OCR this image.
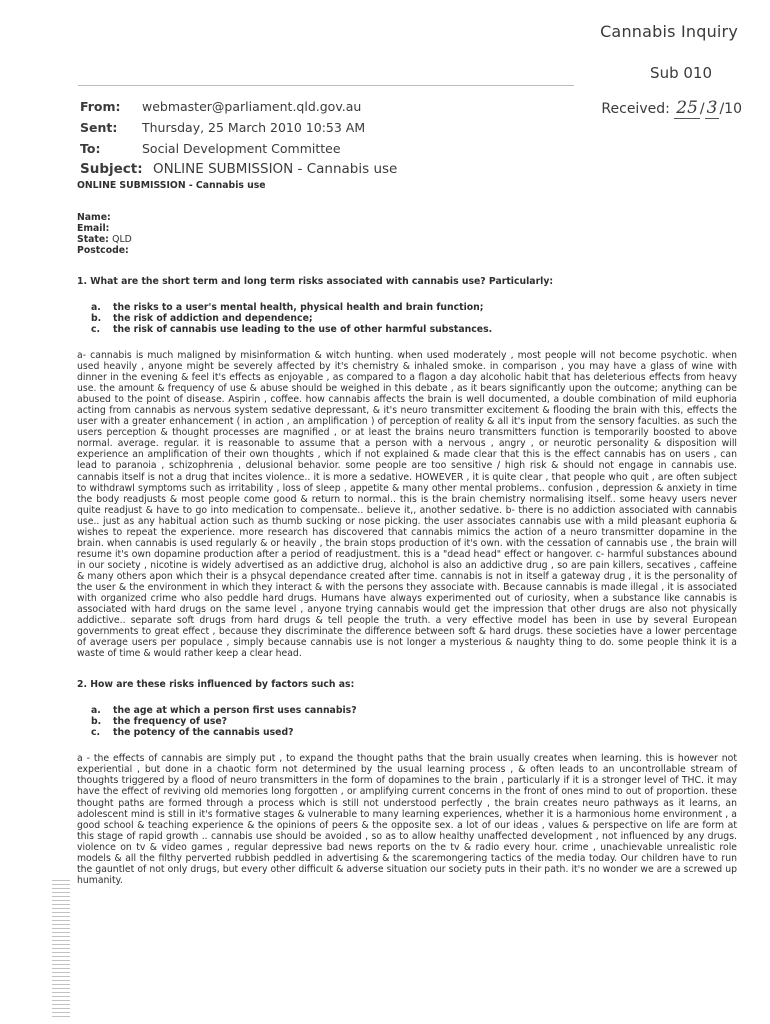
Cannabis Inquiry
Sub 010
Received: 25 / 3 /10
From: webmaster@parliament.qld.gov.au
Sent: Thursday, 25 March 2010 10:53 AM
To:	Social Development Committee
Subject: ONLINE SUBMISSION - Cannabis use
ONLINE SUBMISSION - Cannabis use
Name:
Email:
State: QLD
Postcode:
1. What are the short term and long term risks associated with cannabis use? Particularly:
a. the risks to a user's mental health, physical health and brain function;
b. the risk of addiction and dependence;
c. the risk of cannabis use leading to the use of other harmful substances.
a- cannabis is much maligned by misinformation & witch hunting. when used moderately , most people will not become psychotic. when used heavily , anyone might be severely affected by it's chemistry & inhaled smoke. in comparison , you may have a glass of wine with dinner in the evening & feel it's effects as enjoyable , as compared to a flagon a day alcoholic habit that has deleterious effects from heavy use. the amount & frequency of use & abuse should be weighed in this debate , as it bears significantly upon the outcome; anything can be abused to the point of disease. Aspirin , coffee. how cannabis affects the brain is well documented, a double combination of mild euphoria acting from cannabis as nervous system sedative depressant, & it's neuro transmitter excitement & flooding the brain with this, effects the user with a greater enhancement ( in action , an amplification ) of perception of reality & all it's input from the sensory faculties. as such the users perception & thought processes are magnified , or at least the brains neuro transmitters function is temporarily boosted to above normal. average. regular. it is reasonable to assume that a person with a nervous , angry , or neurotic personality & disposition will experience an amplification of their own thoughts , which if not explained & made clear that this is the effect cannabis has on users , can lead to paranoia , schizophrenia , delusional behavior. some people are too sensitive / high risk & should not engage in cannabis use. cannabis itself is not a drug that incites violence.. it is more a sedative. HOWEVER , it is quite clear , that people who quit , are often subject to withdrawl symptoms such as irritability , loss of sleep , appetite & many other mental problems.. confusion , depression & anxiety in time the body readjusts & most people come good & return to normal.. this is the brain chemistry normalising itself.. some heavy users never quite readjust & have to go into medication to compensate.. believe it,, another sedative. b- there is no addiction associated with cannabis use.. just as any habitual action such as thumb sucking or nose picking. the user associates cannabis use with a mild pleasant euphoria & wishes to repeat the experience. more research has discovered that cannabis mimics the action of a neuro transmitter dopamine in the brain. when cannabis is used regularly & or heavily , the brain stops production of it's own. with the cessation of cannabis use , the brain will resume it's own dopamine production after a period of readjustment. this is a "dead head" effect or hangover. c- harmful substances abound in our society , nicotine is widely advertised as an addictive drug, alchohol is also an addictive drug , so are pain killers, secatives , caffeine & many others apon which their is a phsycal dependance created after time. cannabis is not in itself a gateway drug , it is the personality of the user & the environment in which they interact & with the persons they associate with. Because cannabis is made illegal , it is associated with organized crime who also peddle hard drugs. Humans have always experimented out of curiosity, when a substance like cannabis is associated with hard drugs on the same level , anyone trying cannabis would get the impression that other drugs are also not physically addictive.. separate soft drugs from hard drugs & tell people the truth. a very effective model has been in use by several European governments to great effect , because they discriminate the difference between soft & hard drugs. these societies have a lower percentage of average users per populace , simply because cannabis use is not longer a mysterious & naughty thing to do. some people think it is a waste of time & would rather keep a clear head.
2. How are these risks influenced by factors such as:
a. the age at which a person first uses cannabis?
b. the frequency of use?
c. the potency of the cannabis used?
a - the effects of cannabis are simply put , to expand the thought paths that the brain usually creates when learning. this is however not experiential , but done in a chaotic form not determined by the usual learning process , & often leads to an uncontrollable stream of thoughts triggered by a flood of neuro transmitters in the form of dopamines to the brain , particularly if it is a stronger level of THC. it may have the effect of reviving old memories long forgotten , or amplifying current concerns in the front of ones mind to out of proportion. these thought paths are formed through a process which is still not understood perfectly , the brain creates neuro pathways as it learns, an adolescent mind is still in it's formative stages & vulnerable to many learning experiences, whether it is a harmonious home environment , a good school & teaching experience & the opinions of peers & the opposite sex. a lot of our ideas , values & perspective on life are form at this stage of rapid growth .. cannabis use should be avoided , so as to allow healthy unaffected development , not influenced by any drugs. violence on tv & video games , regular depressive bad news reports on the tv & radio every hour. crime , unachievable unrealistic role models & all the filthy perverted rubbish peddled in advertising & the scaremongering tactics of the media today. Our children have to run the gauntlet of not only drugs, but every other difficult & adverse situation our society puts in their path. it's no wonder we are a screwed up humanity.
